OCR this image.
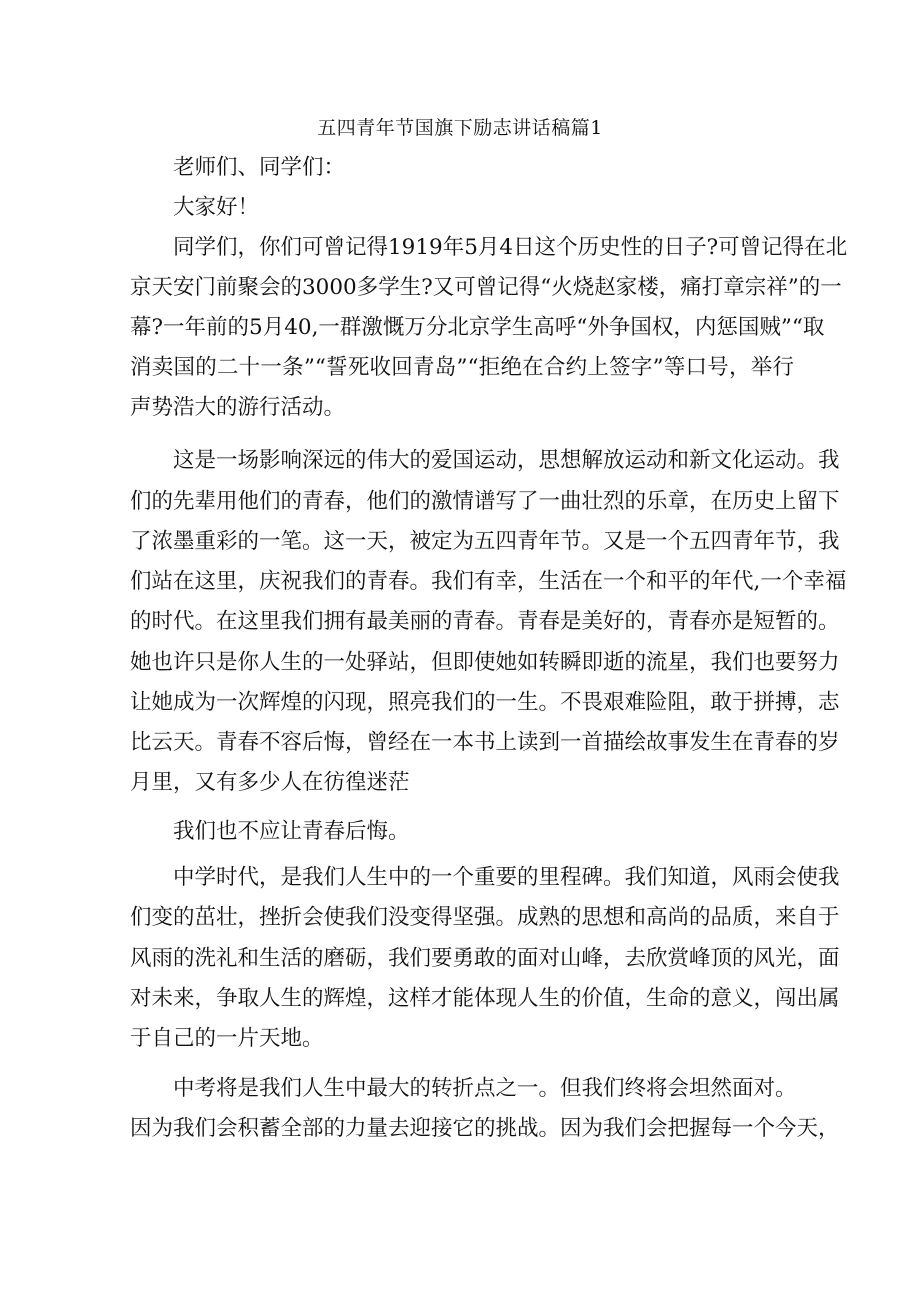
五四青年节国旗下励志讲话稿篇1
老师们、同学们：
大家好！
同学们，你们可曾记得1919年5月4日这个历史性的日子?可曾记得在北
京天安门前聚会的3000多学生?又可曾记得“火烧赵家楼，痛打章宗祥”的一
幕?一年前的5月40,一群激慨万分北京学生高呼“外争国权，内惩国贼”“取
消卖国的二十一条”“誓死收回青岛”“拒绝在合约上签字”等口号，举行
声势浩大的游行活动。
这是一场影响深远的伟大的爱国运动，思想解放运动和新文化运动。我
们的先辈用他们的青春，他们的激情谱写了一曲壮烈的乐章，在历史上留下
了浓墨重彩的一笔。这一天，被定为五四青年节。又是一个五四青年节，我
们站在这里，庆祝我们的青春。我们有幸，生活在一个和平的年代,一个幸福
的时代。在这里我们拥有最美丽的青春。青春是美好的，青春亦是短暂的。
她也许只是你人生的一处驿站，但即使她如转瞬即逝的流星，我们也要努力
让她成为一次辉煌的闪现，照亮我们的一生。不畏艰难险阻，敢于拼搏，志
比云天。青春不容后悔，曾经在一本书上读到一首描绘故事发生在青春的岁
月里，又有多少人在彷徨迷茫
我们也不应让青春后悔。
中学时代，是我们人生中的一个重要的里程碑。我们知道，风雨会使我
们变的茁壮，挫折会使我们没变得坚强。成熟的思想和高尚的品质，来自于
风雨的洗礼和生活的磨砺，我们要勇敢的面对山峰，去欣赏峰顶的风光，面
对未来，争取人生的辉煌，这样才能体现人生的价值，生命的意义，闯出属
于自己的一片天地。
中考将是我们人生中最大的转折点之一。但我们终将会坦然面对。
因为我们会积蓄全部的力量去迎接它的挑战。因为我们会把握每一个今天，
